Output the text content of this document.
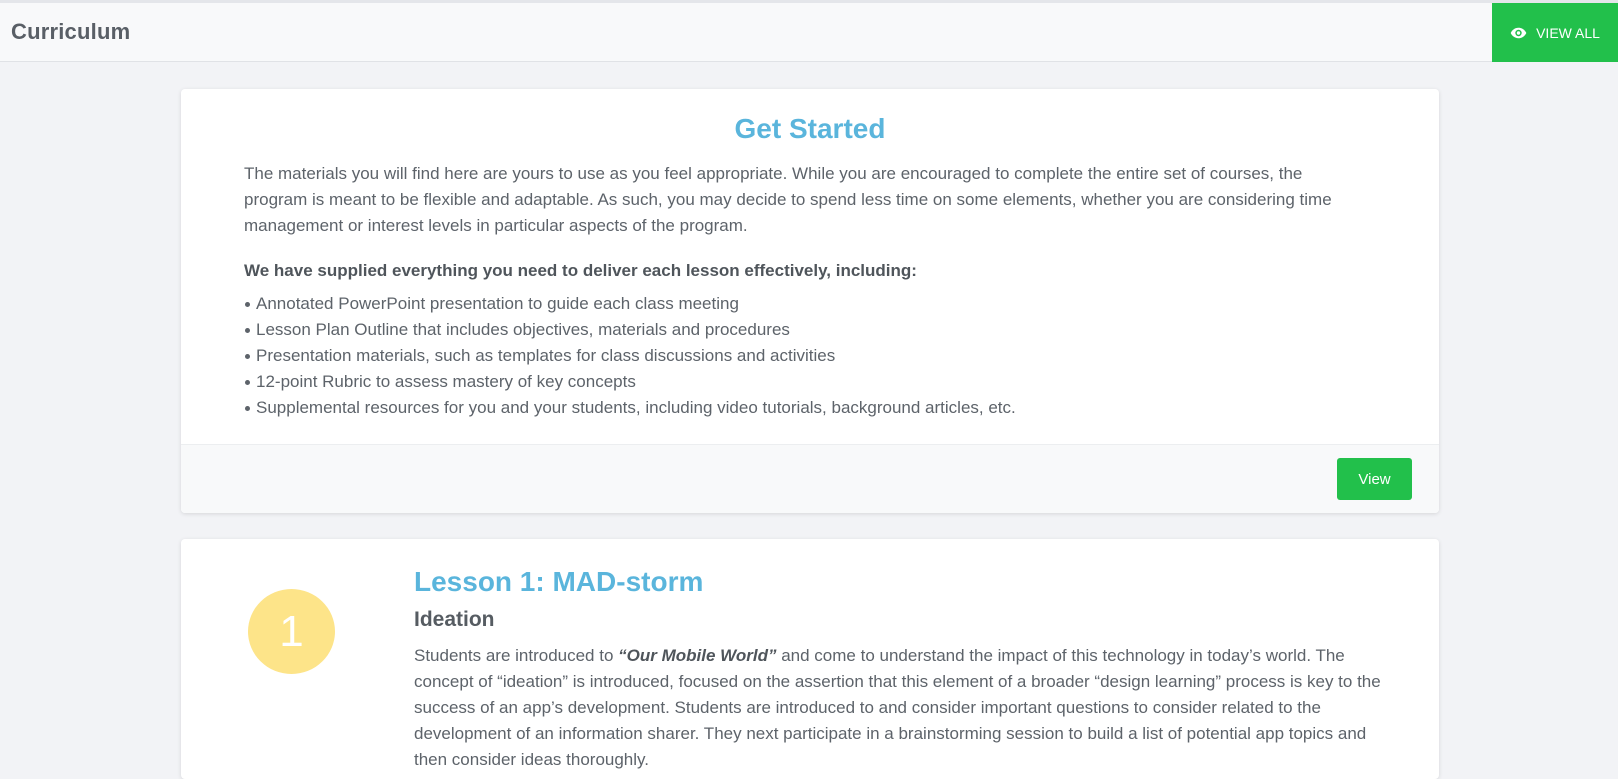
Curriculum	VIEW ALL
Get Started

The materials you will find here are yours to use as you feel appropriate. While you are encouraged to complete the entire set of courses, the program is meant to be flexible and adaptable. As such, you may decide to spend less time on some elements, whether you are considering time management or interest levels in particular aspects of the program.

We have supplied everything you need to deliver each lesson effectively, including:

Annotated PowerPoint presentation to guide each class meeting
Lesson Plan Outline that includes objectives, materials and procedures
Presentation materials, such as templates for class discussions and activities
12-point Rubric to assess mastery of key concepts
Supplemental resources for you and your students, including video tutorials, background articles, etc.
View
1
Lesson 1: MAD-storm
Ideation
Students are introduced to “Our Mobile World” and come to understand the impact of this technology in today’s world. The concept of “ideation” is introduced, focused on the assertion that this element of a broader “design learning” process is key to the success of an app’s development. Students are introduced to and consider important questions to consider related to the development of an information sharer. They next participate in a brainstorming session to build a list of potential app topics and then consider ideas thoroughly.
